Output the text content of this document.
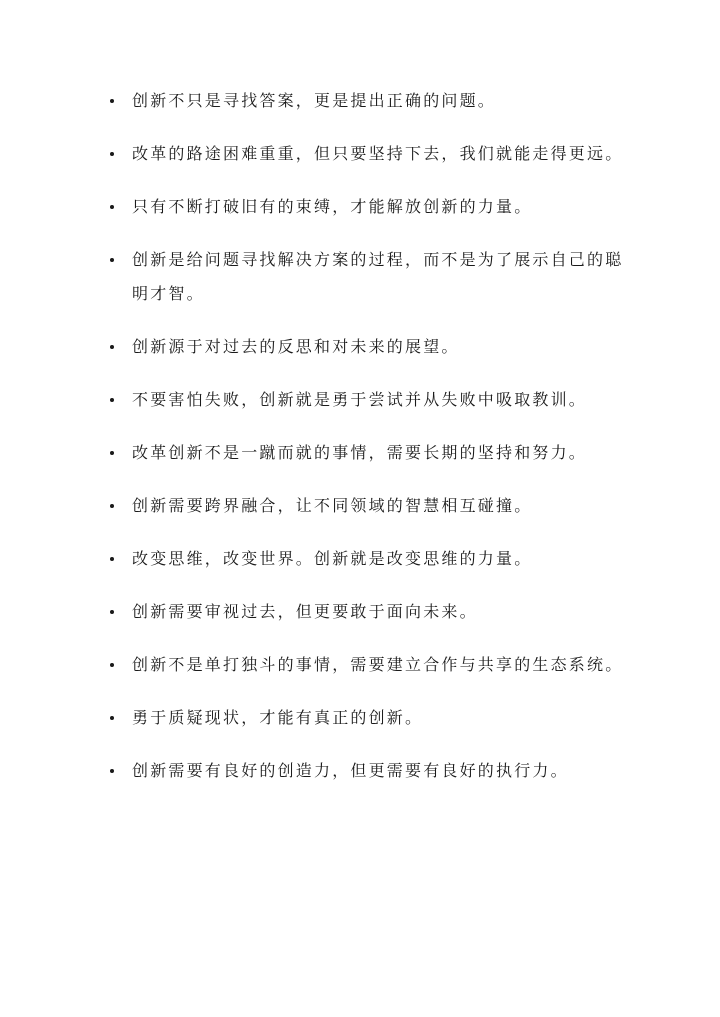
创新不只是寻找答案，更是提出正确的问题。
改革的路途困难重重，但只要坚持下去，我们就能走得更远。
只有不断打破旧有的束缚，才能解放创新的力量。
创新是给问题寻找解决方案的过程，而不是为了展示自己的聪明才智。
创新源于对过去的反思和对未来的展望。
不要害怕失败，创新就是勇于尝试并从失败中吸取教训。
改革创新不是一蹴而就的事情，需要长期的坚持和努力。
创新需要跨界融合，让不同领域的智慧相互碰撞。
改变思维，改变世界。创新就是改变思维的力量。
创新需要审视过去，但更要敢于面向未来。
创新不是单打独斗的事情，需要建立合作与共享的生态系统。
勇于质疑现状，才能有真正的创新。
创新需要有良好的创造力，但更需要有良好的执行力。
